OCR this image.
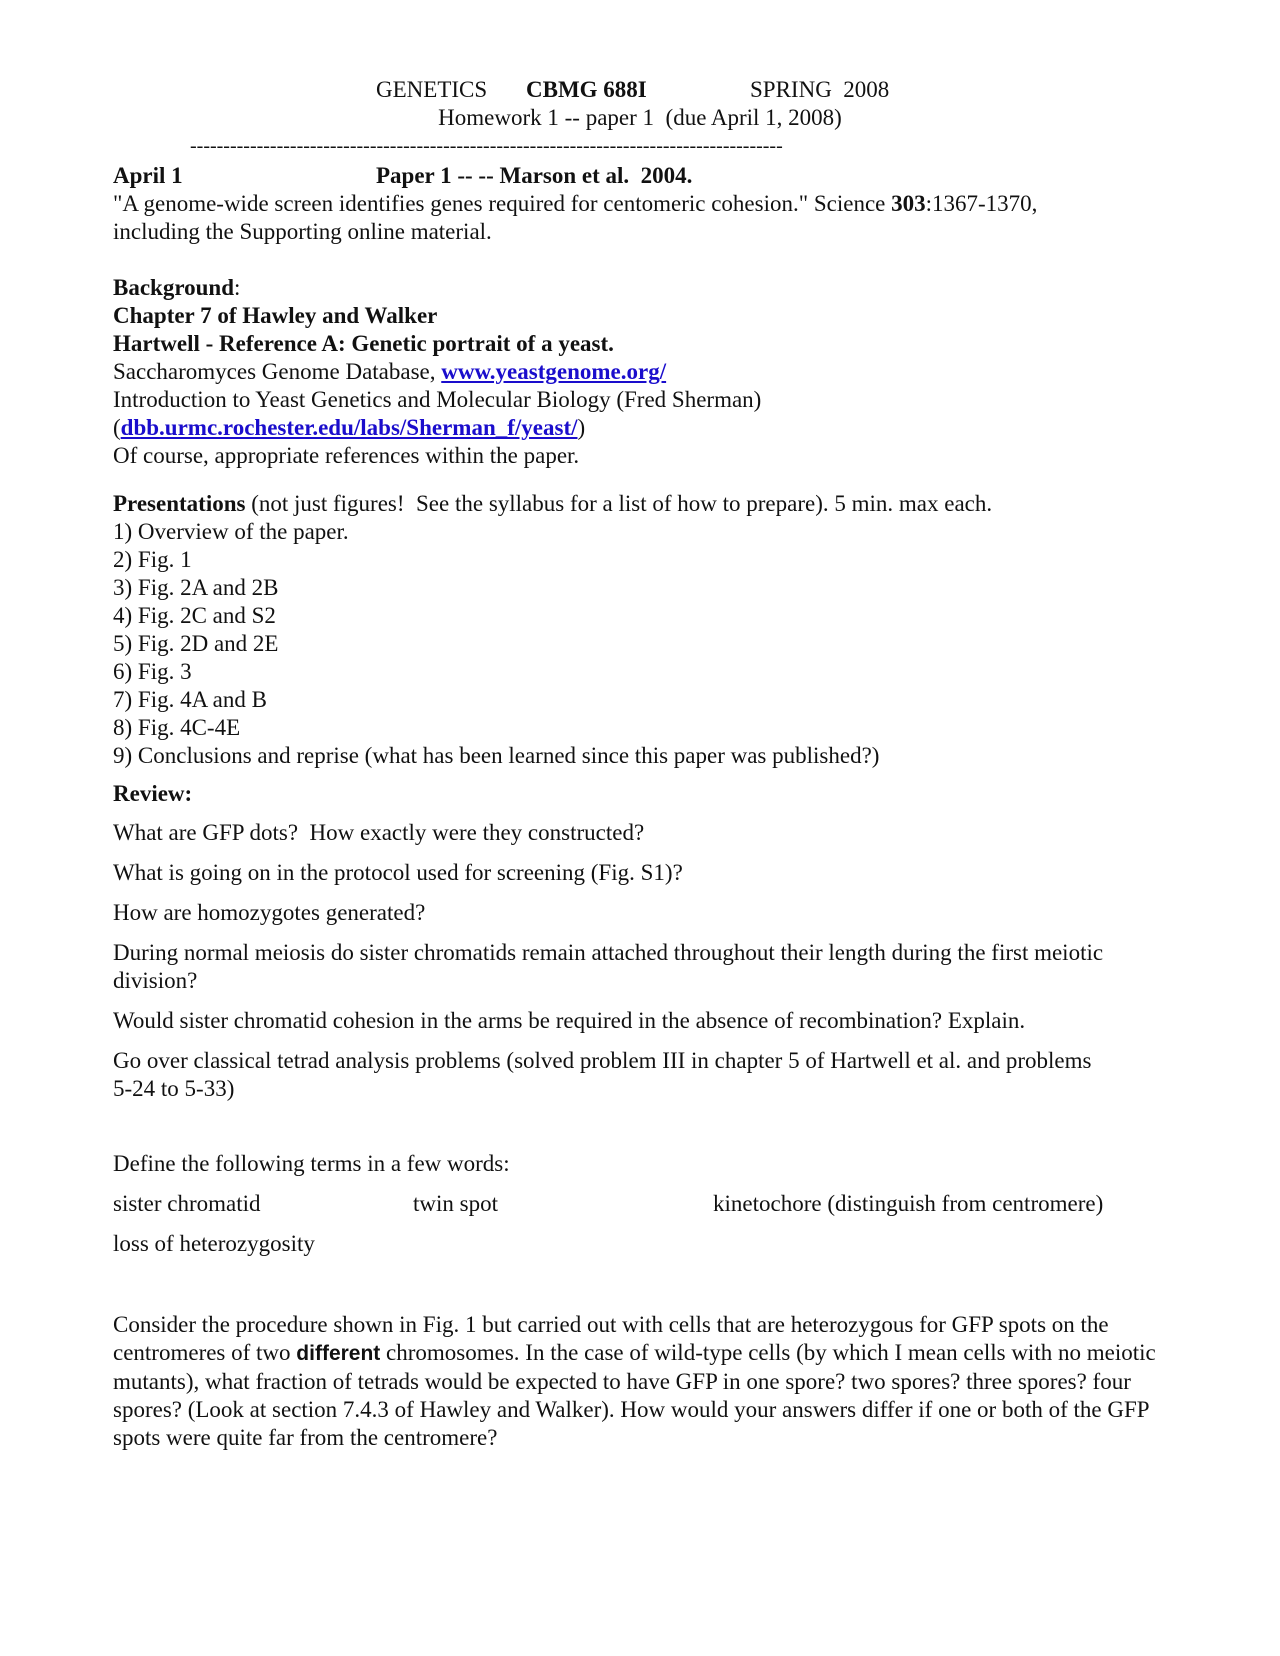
GENETICS CBMG 688I	SPRING  2008
Homework 1 -- paper 1  (due April 1, 2008)
-----------------------------------------------------------------------------------------
April 1	Paper 1 -- -- Marson et al.  2004.
"A genome-wide screen identifies genes required for centomeric cohesion." Science 303:1367-1370,
including the Supporting online material.
Background:
Chapter 7 of Hawley and Walker
Hartwell - Reference A: Genetic portrait of a yeast.
Saccharomyces Genome Database, www.yeastgenome.org/
Introduction to Yeast Genetics and Molecular Biology (Fred Sherman)
(dbb.urmc.rochester.edu/labs/Sherman_f/yeast/)
Of course, appropriate references within the paper.
Presentations (not just figures!  See the syllabus for a list of how to prepare). 5 min. max each.
1) Overview of the paper.
2) Fig. 1
3) Fig. 2A and 2B
4) Fig. 2C and S2
5) Fig. 2D and 2E
6) Fig. 3
7) Fig. 4A and B
8) Fig. 4C-4E
9) Conclusions and reprise (what has been learned since this paper was published?)
Review:
What are GFP dots?  How exactly were they constructed?
What is going on in the protocol used for screening (Fig. S1)?
How are homozygotes generated?
During normal meiosis do sister chromatids remain attached throughout their length during the first meiotic division?
Would sister chromatid cohesion in the arms be required in the absence of recombination? Explain.
Go over classical tetrad analysis problems (solved problem III in chapter 5 of Hartwell et al. and problems 5-24 to 5-33)
Define the following terms in a few words:
sister chromatid	twin spot	kinetochore (distinguish from centromere)
loss of heterozygosity
Consider the procedure shown in Fig. 1 but carried out with cells that are heterozygous for GFP spots on the centromeres of two different chromosomes. In the case of wild-type cells (by which I mean cells with no meiotic mutants), what fraction of tetrads would be expected to have GFP in one spore? two spores? three spores? four spores? (Look at section 7.4.3 of Hawley and Walker). How would your answers differ if one or both of the GFP spots were quite far from the centromere?
